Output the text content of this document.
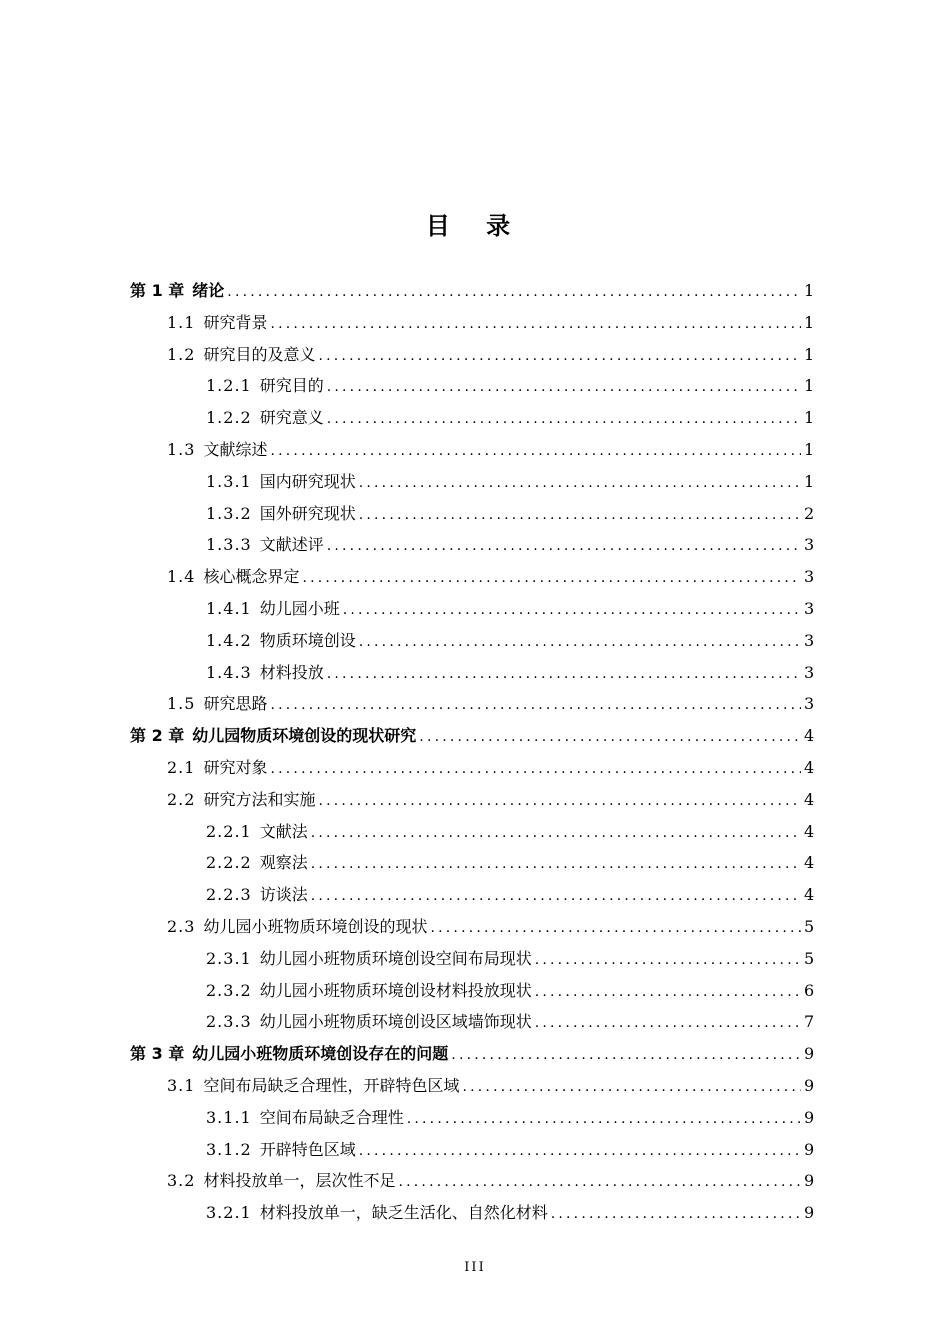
目 录
第 1 章 绪论 .....	1
1.1 研究背景 .....	1
1.2 研究目的及意义 .....	1
1.2.1 研究目的 .....	1
1.2.2 研究意义 .....	1
1.3 文献综述 .....	1
1.3.1 国内研究现状 .....	1
1.3.2 国外研究现状 .....	2
1.3.3 文献述评 .....	3
1.4 核心概念界定 .....	3
1.4.1 幼儿园小班 .....	3
1.4.2 物质环境创设 .....	3
1.4.3 材料投放 .....	3
1.5 研究思路 .....	3
第 2 章 幼儿园物质环境创设的现状研究 .....	4
2.1 研究对象 .....	4
2.2 研究方法和实施 .....	4
2.2.1 文献法 .....	4
2.2.2 观察法 .....	4
2.2.3 访谈法 .....	4
2.3 幼儿园小班物质环境创设的现状 .....	5
2.3.1 幼儿园小班物质环境创设空间布局现状 .....	5
2.3.2 幼儿园小班物质环境创设材料投放现状 .....	6
2.3.3 幼儿园小班物质环境创设区域墙饰现状 .....	7
第 3 章 幼儿园小班物质环境创设存在的问题 .....	9
3.1 空间布局缺乏合理性，开辟特色区域 .....	9
3.1.1 空间布局缺乏合理性 .....	9
3.1.2 开辟特色区域 .....	9
3.2 材料投放单一，层次性不足 .....	9
3.2.1 材料投放单一，缺乏生活化、自然化材料 .....	9
III
